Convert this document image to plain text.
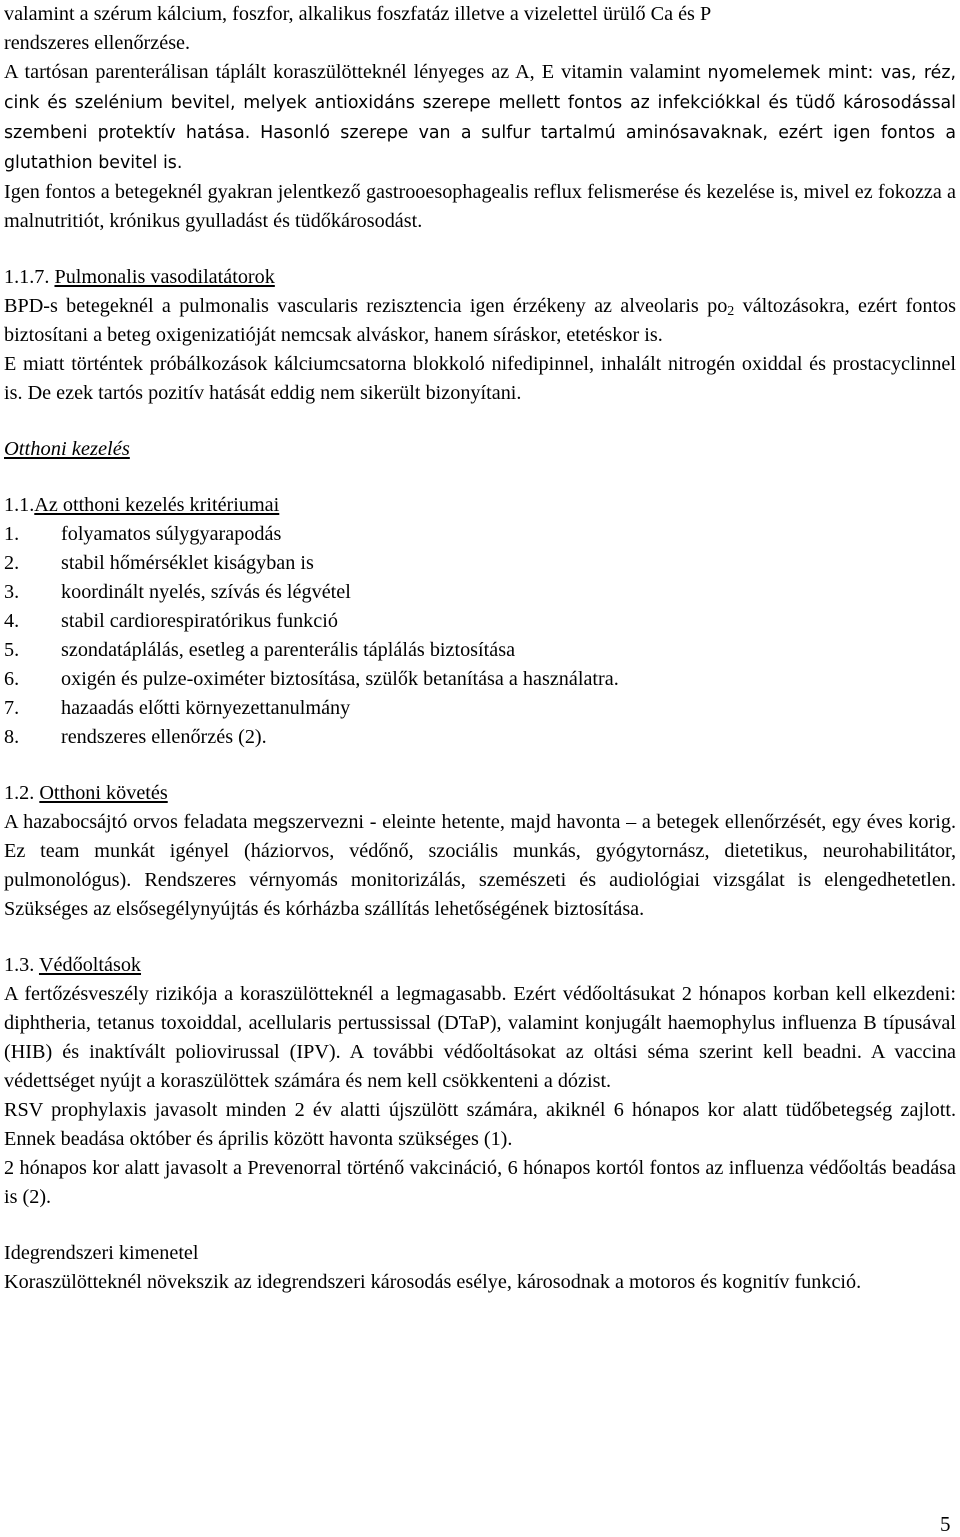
valamint a szérum kálcium, foszfor, alkalikus foszfatáz illetve a vizelettel ürülő Ca és P
rendszeres ellenőrzése.

A tartósan parenterálisan táplált koraszülötteknél lényeges az A, E vitamin valamint nyomelemek mint: vas, réz, cink és szelénium bevitel, melyek antioxidáns szerepe mellett fontos az infekciókkal és tüdő károsodással szembeni protektív hatása. Hasonló szerepe van a sulfur tartalmú aminósavaknak, ezért igen fontos a glutathion bevitel is.

Igen fontos a betegeknél gyakran jelentkező gastrooesophagealis reflux felismerése és kezelése is, mivel ez fokozza a malnutritiót, krónikus gyulladást és tüdőkárosodást.

1.1.7. Pulmonalis vasodilatátorok

BPD-s betegeknél a pulmonalis vascularis rezisztencia igen érzékeny az alveolaris $po_2$ változásokra, ezért fontos biztosítani a beteg oxigenizatióját nemcsak alváskor, hanem síráskor, etetéskor is.

E miatt történtek próbálkozások kálciumcsatorna blokkoló nifedipinnel, inhalált nitrogén oxiddal és prostacyclinnel is. De ezek tartós pozitív hatását eddig nem sikerült bizonyítani.

Otthoni kezelés

1.1.Az otthoni kezelés kritériumai

1.	folyamatos súlygyarapodás
2.	stabil hőmérséklet kiságyban is
3.	koordinált nyelés, szívás és légvétel
4.	stabil cardiorespiratórikus funkció
5.	szondatáplálás, esetleg a parenterális táplálás biztosítása
6.	oxigén és pulze-oximéter biztosítása, szülők betanítása a használatra.
7.	hazaadás előtti környezettanulmány
8.	rendszeres ellenőrzés (2).

1.2. Otthoni követés

A hazabocsájtó orvos feladata megszervezni - eleinte hetente, majd havonta – a betegek ellenőrzését, egy éves korig. Ez team munkát igényel (háziorvos, védőnő, szociális munkás, gyógytornász, dietetikus, neurohabilitátor, pulmonológus). Rendszeres vérnyomás monitorizálás, szemészeti és audiológiai vizsgálat is elengedhetetlen. Szükséges az elsősegélynyújtás és kórházba szállítás lehetőségének biztosítása.

1.3. Védőoltások

A fertőzésveszély rizikója a koraszülötteknél a legmagasabb. Ezért védőoltásukat 2 hónapos korban kell elkezdeni: diphtheria, tetanus toxoiddal, acellularis pertussissal (DTaP), valamint konjugált haemophylus influenza B típusával (HIB) és inaktívált poliovirussal (IPV). A további védőoltásokat az oltási séma szerint kell beadni. A vaccina védettséget nyújt a koraszülöttek számára és nem kell csökkenteni a dózist.

RSV prophylaxis javasolt minden 2 év alatti újszülött számára, akiknél 6 hónapos kor alatt tüdőbetegség zajlott. Ennek beadása október és április között havonta szükséges (1).

2 hónapos kor alatt javasolt a Prevenorral történő vakcináció, 6 hónapos kortól fontos az influenza védőoltás beadása is (2).

Idegrendszeri kimenetel

Koraszülötteknél növekszik az idegrendszeri károsodás esélye, károsodnak a motoros és kognitív funkció.

5
